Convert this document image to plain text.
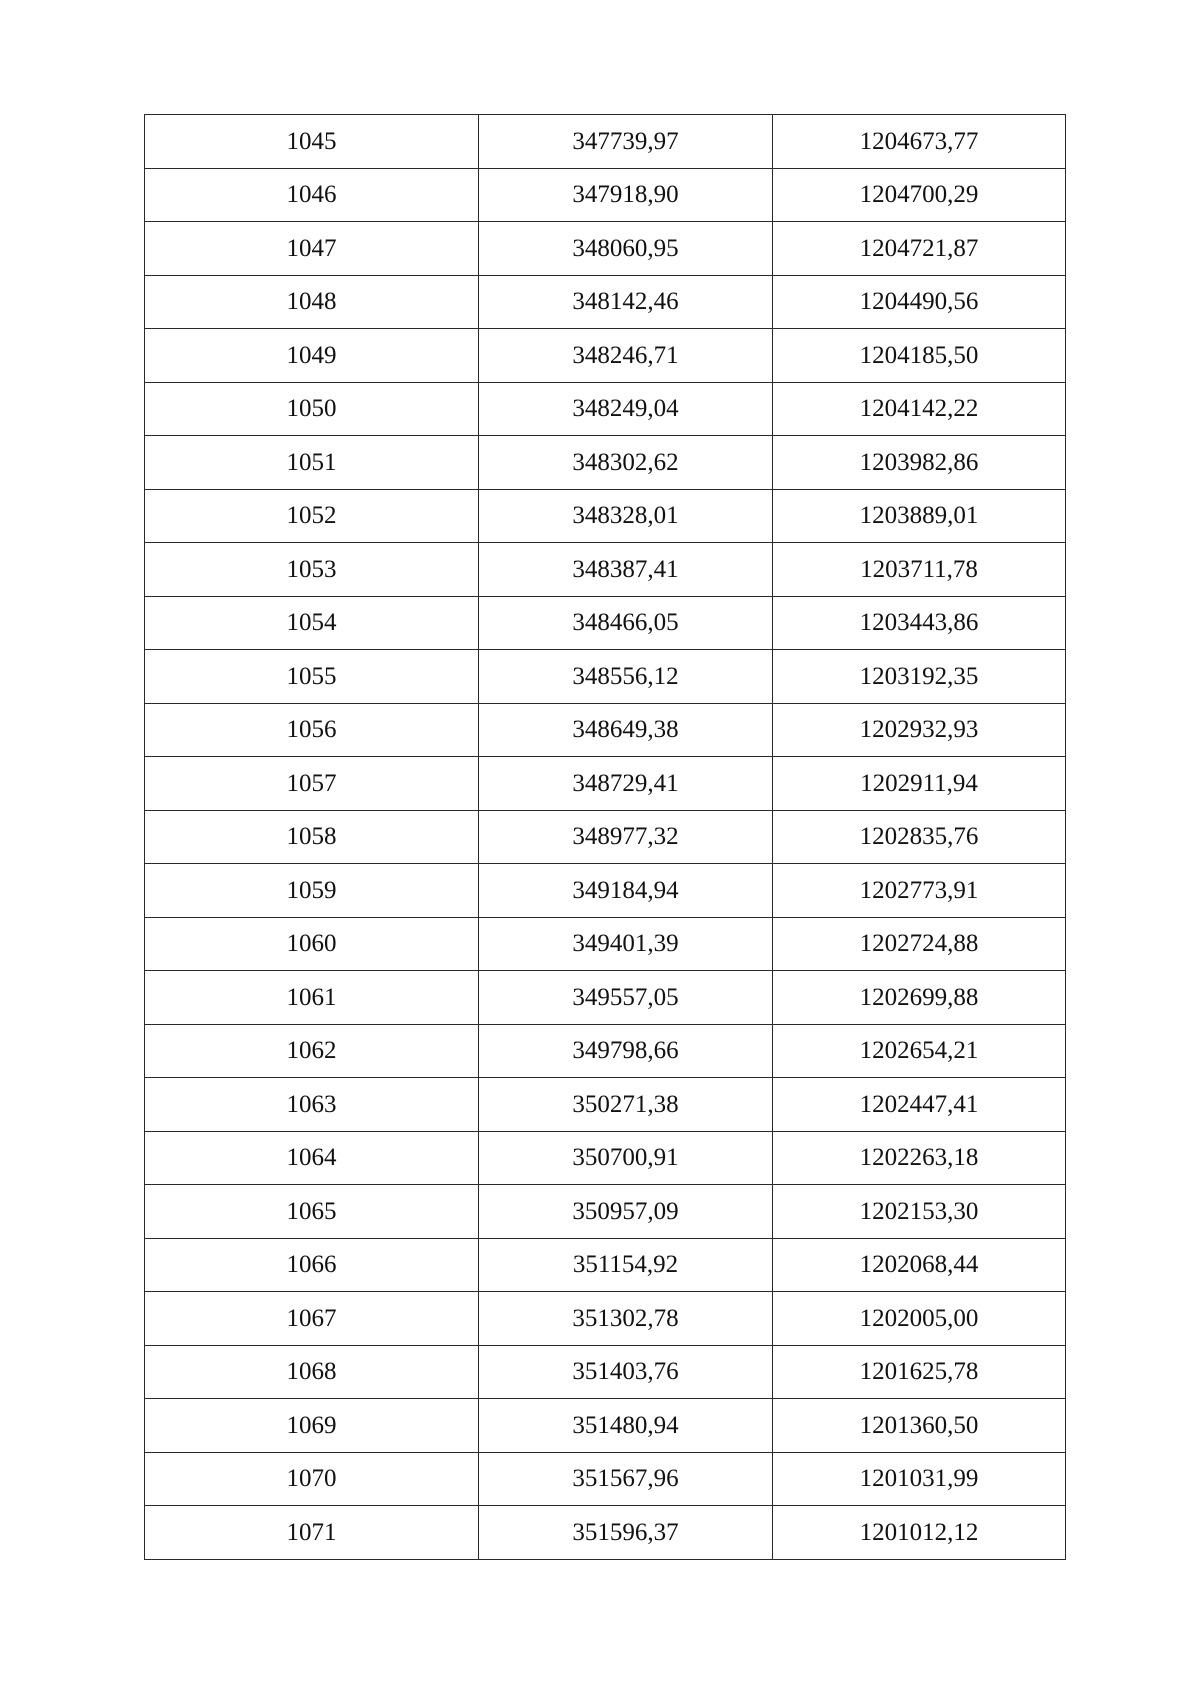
1045	347739,97	1204673,77
1046	347918,90	1204700,29
1047	348060,95	1204721,87
1048	348142,46	1204490,56
1049	348246,71	1204185,50
1050	348249,04	1204142,22
1051	348302,62	1203982,86
1052	348328,01	1203889,01
1053	348387,41	1203711,78
1054	348466,05	1203443,86
1055	348556,12	1203192,35
1056	348649,38	1202932,93
1057	348729,41	1202911,94
1058	348977,32	1202835,76
1059	349184,94	1202773,91
1060	349401,39	1202724,88
1061	349557,05	1202699,88
1062	349798,66	1202654,21
1063	350271,38	1202447,41
1064	350700,91	1202263,18
1065	350957,09	1202153,30
1066	351154,92	1202068,44
1067	351302,78	1202005,00
1068	351403,76	1201625,78
1069	351480,94	1201360,50
1070	351567,96	1201031,99
1071	351596,37	1201012,12
